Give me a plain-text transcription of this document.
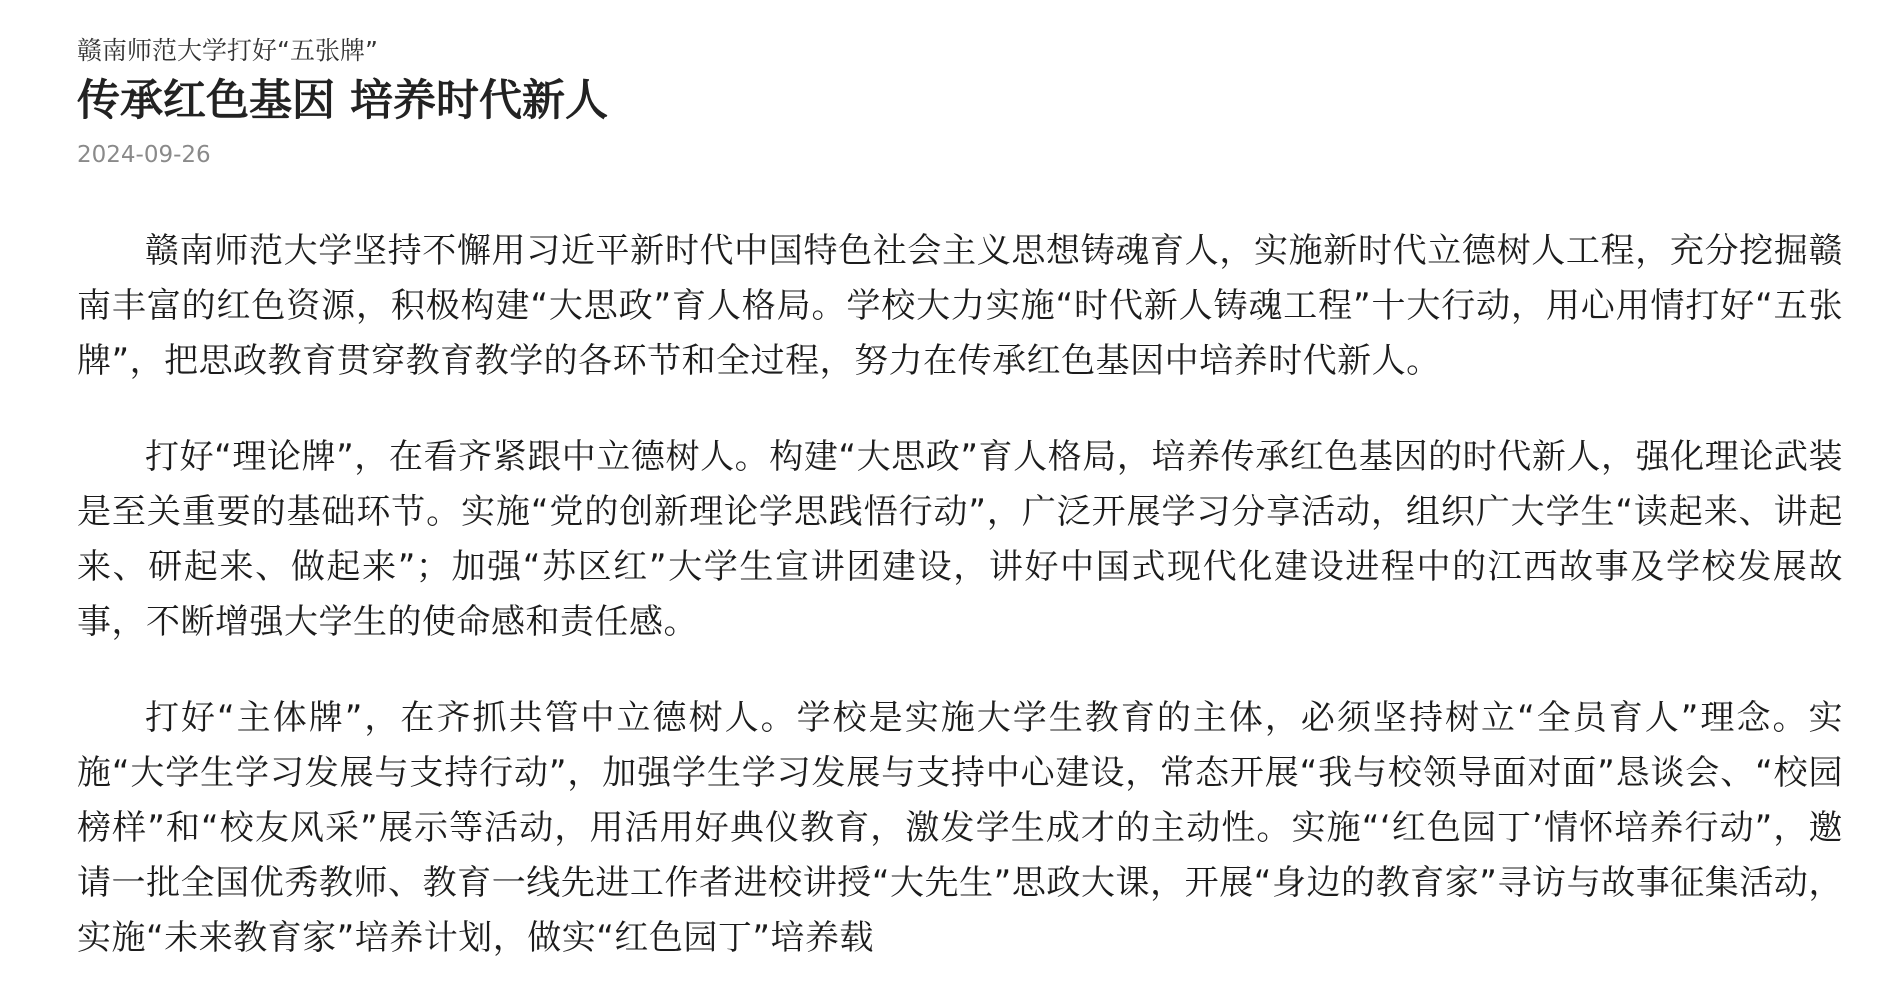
赣南师范大学打好“五张牌”

传承红色基因 培养时代新人

2024-09-26

赣南师范大学坚持不懈用习近平新时代中国特色社会主义思想铸魂育人，实施新时代立德树人工程，充分挖掘赣南丰富的红色资源，积极构建“大思政”育人格局。学校大力实施“时代新人铸魂工程”十大行动，用心用情打好“五张牌”，把思政教育贯穿教育教学的各环节和全过程，努力在传承红色基因中培养时代新人。

打好“理论牌”，在看齐紧跟中立德树人。构建“大思政”育人格局，培养传承红色基因的时代新人，强化理论武装是至关重要的基础环节。实施“党的创新理论学思践悟行动”，广泛开展学习分享活动，组织广大学生“读起来、讲起来、研起来、做起来”；加强“苏区红”大学生宣讲团建设，讲好中国式现代化建设进程中的江西故事及学校发展故事，不断增强大学生的使命感和责任感。

打好“主体牌”，在齐抓共管中立德树人。学校是实施大学生教育的主体，必须坚持树立“全员育人”理念。实施“大学生学习发展与支持行动”，加强学生学习发展与支持中心建设，常态开展“我与校领导面对面”恳谈会、“校园榜样”和“校友风采”展示等活动，用活用好典仪教育，激发学生成才的主动性。实施“‘红色园丁’情怀培养行动”，邀请一批全国优秀教师、教育一线先进工作者进校讲授“大先生”思政大课，开展“身边的教育家”寻访与故事征集活动，实施“未来教育家”培养计划，做实“红色园丁”培养载
